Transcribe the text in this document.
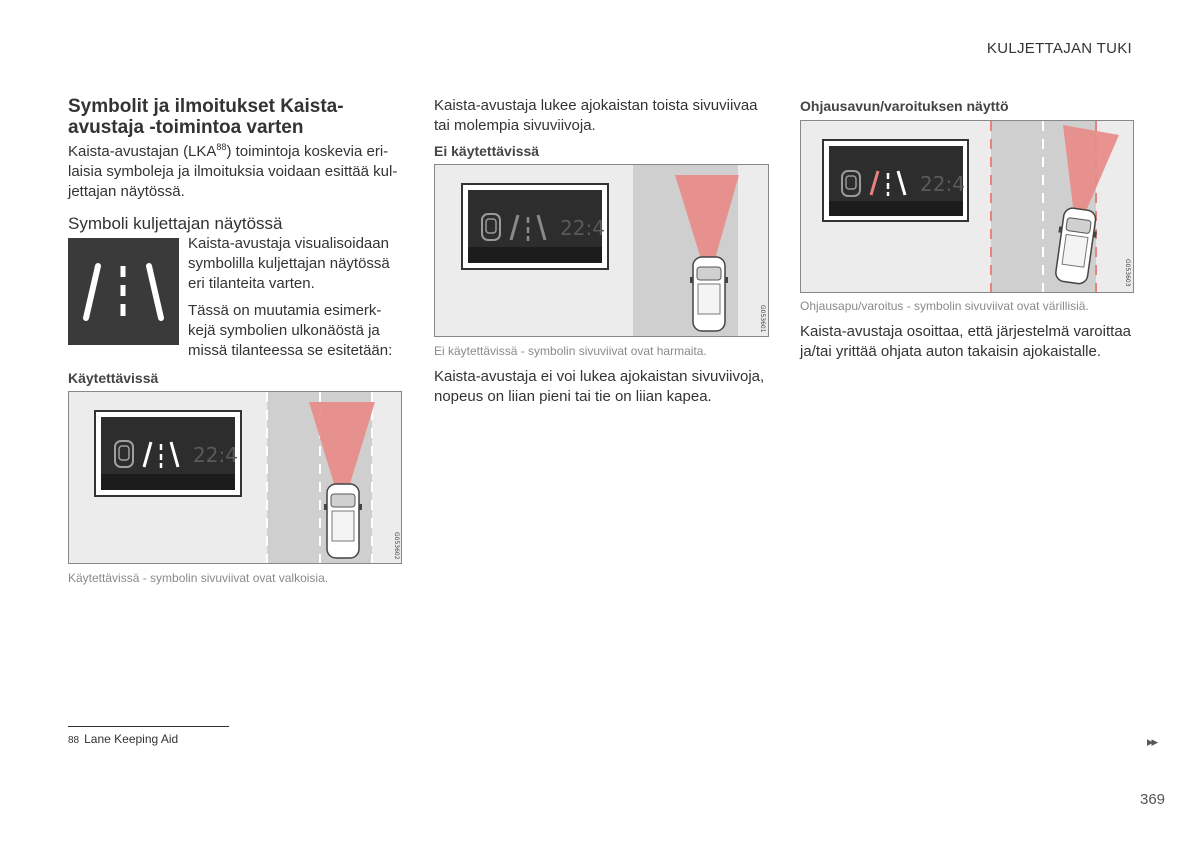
KULJETTAJAN TUKI
Symbolit ja ilmoitukset Kaista-
avustaja -toimintoa varten
Kaista-avustajan (LKA$^{88}$) toimintoja koskevia eri-
laisia symboleja ja ilmoituksia voidaan esittää kul-
jettajan näytössä.
Symboli kuljettajan näytössä
Kaista-avustaja visualisoidaan
symbolilla kuljettajan näytössä
eri tilanteita varten.
Tässä on muutamia esimerk-
kejä symbolien ulkonäöstä ja
missä tilanteessa se esitetään:
Käytettävissä
G053602
22:4
Käytettävissä - symbolin sivuviivat ovat valkoisia.
Kaista-avustaja lukee ajokaistan toista sivuviivaa
tai molempia sivuviivoja.
Ei käytettävissä
G053601
22:4
Ei käytettävissä - symbolin sivuviivat ovat harmaita.
Kaista-avustaja ei voi lukea ajokaistan sivuviivoja,
nopeus on liian pieni tai tie on liian kapea.
Ohjausavun/varoituksen näyttö
G053603
22:4
Ohjausapu/varoitus - symbolin sivuviivat ovat värillisiä.
Kaista-avustaja osoittaa, että järjestelmä varoittaa
ja/tai yrittää ohjata auton takaisin ajokaistalle.
88 Lane Keeping Aid	▸▸
369
